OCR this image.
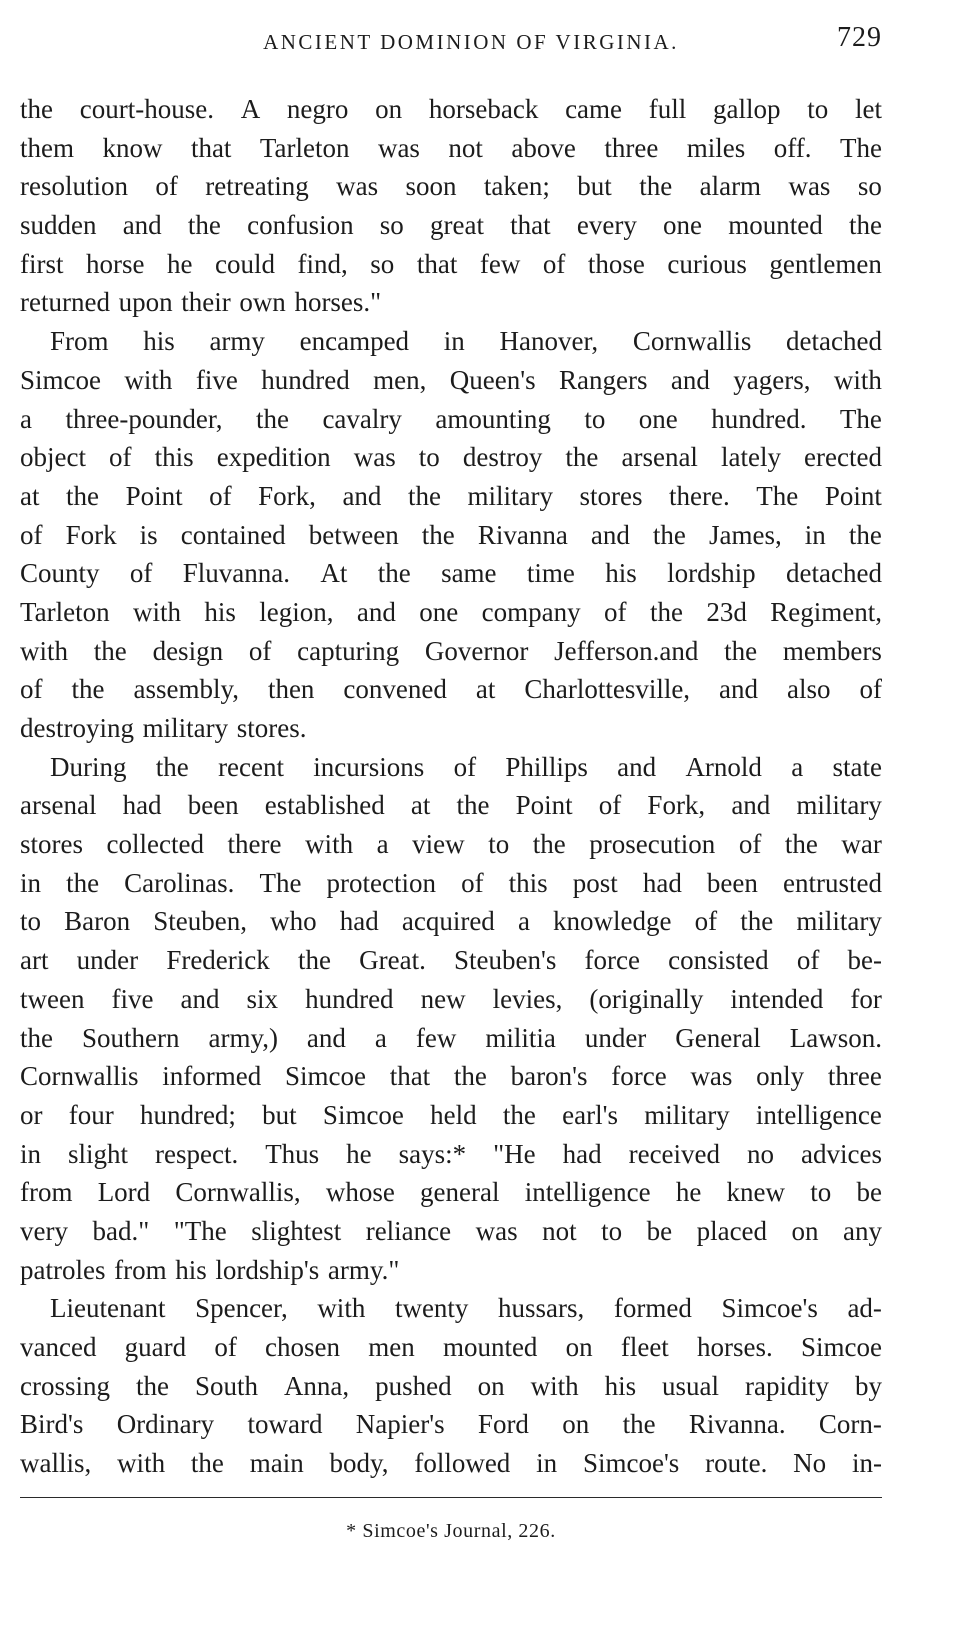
ANCIENT DOMINION OF VIRGINIA.	729
the court-house. A negro on horseback came full gallop to let
them know that Tarleton was not above three miles off. The
resolution of retreating was soon taken; but the alarm was so
sudden and the confusion so great that every one mounted the
first horse he could find, so that few of those curious gentlemen
returned upon their own horses."
From his army encamped in Hanover, Cornwallis detached
Simcoe with five hundred men, Queen's Rangers and yagers, with
a three-pounder, the cavalry amounting to one hundred. The
object of this expedition was to destroy the arsenal lately erected
at the Point of Fork, and the military stores there. The Point
of Fork is contained between the Rivanna and the James, in the
County of Fluvanna. At the same time his lordship detached
Tarleton with his legion, and one company of the 23d Regiment,
with the design of capturing Governor Jefferson.and the members
of the assembly, then convened at Charlottesville, and also of
destroying military stores.
During the recent incursions of Phillips and Arnold a state
arsenal had been established at the Point of Fork, and military
stores collected there with a view to the prosecution of the war
in the Carolinas. The protection of this post had been entrusted
to Baron Steuben, who had acquired a knowledge of the military
art under Frederick the Great. Steuben's force consisted of be-
tween five and six hundred new levies, (originally intended for
the Southern army,) and a few militia under General Lawson.
Cornwallis informed Simcoe that the baron's force was only three
or four hundred; but Simcoe held the earl's military intelligence
in slight respect. Thus he says:* "He had received no advices
from Lord Cornwallis, whose general intelligence he knew to be
very bad." "The slightest reliance was not to be placed on any
patroles from his lordship's army."
Lieutenant Spencer, with twenty hussars, formed Simcoe's ad-
vanced guard of chosen men mounted on fleet horses. Simcoe
crossing the South Anna, pushed on with his usual rapidity by
Bird's Ordinary toward Napier's Ford on the Rivanna. Corn-
wallis, with the main body, followed in Simcoe's route. No in-
* Simcoe's Journal, 226.
